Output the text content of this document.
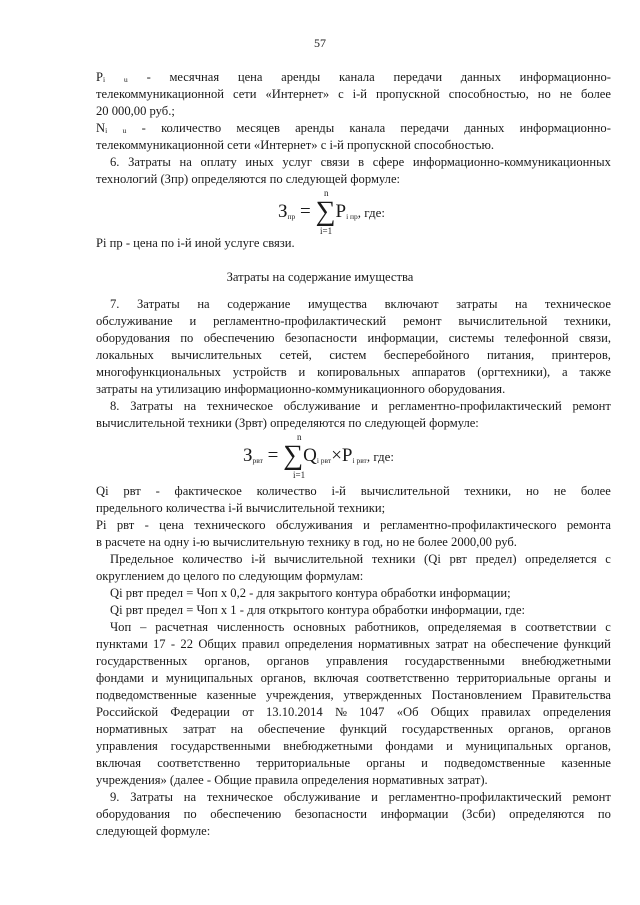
57
Pᵢ ᵤ - месячная цена аренды канала передачи данных информационно-
телекоммуникационной сети «Интернет» с i-й пропускной способностью, но не более
20 000,00 руб.;
Nᵢ ᵤ - количество месяцев аренды канала передачи данных информационно-
телекоммуникационной сети «Интернет» с i-й пропускной способностью.
6. Затраты на оплату иных услуг связи в сфере информационно-коммуникационных
технологий (Зпр) определяются по следующей формуле:
Pi пр - цена по i-й иной услуге связи.
Затраты на содержание имущества
7. Затраты на содержание имущества включают затраты на техническое
обслуживание и регламентно-профилактический ремонт вычислительной техники,
оборудования по обеспечению безопасности информации, системы телефонной связи,
локальных вычислительных сетей, систем бесперебойного питания, принтеров,
многофункциональных устройств и копировальных аппаратов (оргтехники), а также
затраты на утилизацию информационно-коммуникационного оборудования.
8. Затраты на техническое обслуживание и регламентно-профилактический ремонт
вычислительной техники (Зрвт) определяются по следующей формуле:
Qi рвт - фактическое количество i-й вычислительной техники, но не более
предельного количества i-й вычислительной техники;
Pi рвт - цена технического обслуживания и регламентно-профилактического ремонта
в расчете на одну i-ю вычислительную технику в год, но не более 2000,00 руб.
Предельное количество i-й вычислительной техники (Qi рвт предел) определяется с
округлением до целого по следующим формулам:
Qi рвт предел = Чоп x 0,2 - для закрытого контура обработки информации;
Qi рвт предел = Чоп x 1 - для открытого контура обработки информации, где:
Чоп – расчетная численность основных работников, определяемая в соответствии с
пунктами 17 - 22 Общих правил определения нормативных затрат на обеспечение функций
государственных органов, органов управления государственными внебюджетными
фондами и муниципальных органов, включая соответственно территориальные органы и
подведомственные казенные учреждения, утвержденных Постановлением Правительства
Российской Федерации от 13.10.2014 № 1047 «Об Общих правилах определения
нормативных затрат на обеспечение функций государственных органов, органов
управления государственными внебюджетными фондами и муниципальных органов,
включая соответственно территориальные органы и подведомственные казенные
учреждения» (далее - Общие правила определения нормативных затрат).
9. Затраты на техническое обслуживание и регламентно-профилактический ремонт
оборудования по обеспечению безопасности информации (Зсби) определяются по
следующей формуле:
$З_{пр} = \sum P_{i пр}$, где:
n
i=1
$З_{рвт} = \sum Q_{i рвт}\times P_{i рвт}$, где:
n
i=1
